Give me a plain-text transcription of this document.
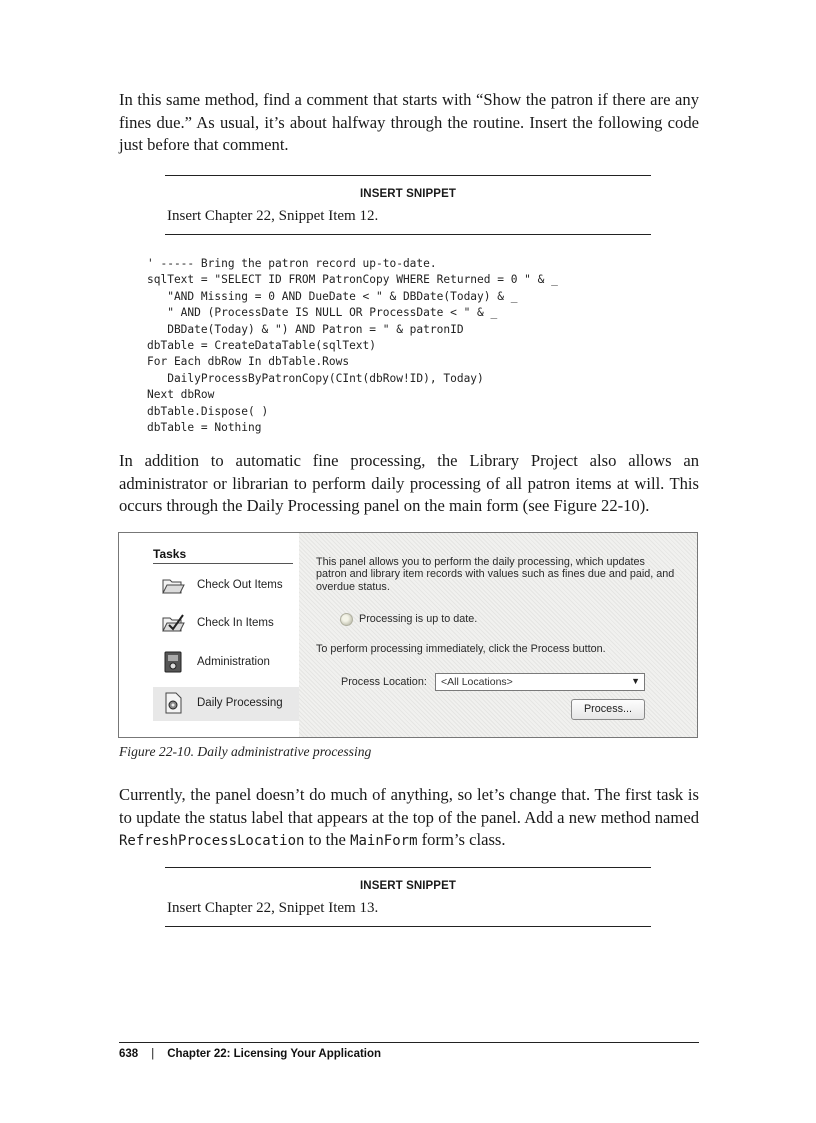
In this same method, find a comment that starts with “Show the patron if there are any fines due.” As usual, it’s about halfway through the routine. Insert the following code just before that comment.

INSERT SNIPPET
Insert Chapter 22, Snippet Item 12.
' ----- Bring the patron record up-to-date.
sqlText = "SELECT ID FROM PatronCopy WHERE Returned = 0 " & _
"AND Missing = 0 AND DueDate < " & DBDate(Today) & _
" AND (ProcessDate IS NULL OR ProcessDate < " & _
DBDate(Today) & ") AND Patron = " & patronID
dbTable = CreateDataTable(sqlText)
For Each dbRow In dbTable.Rows
DailyProcessByPatronCopy(CInt(dbRow!ID), Today)
Next dbRow
dbTable.Dispose( )
dbTable = Nothing

In addition to automatic fine processing, the Library Project also allows an administrator or librarian to perform daily processing of all patron items at will. This occurs through the Daily Processing panel on the main form (see Figure 22-10).

Tasks
Check Out Items
Check In Items
Administration
Daily Processing
This panel allows you to perform the daily processing, which updates patron and library item records with values such as fines due and paid, and overdue status.
Processing is up to date.
To perform processing immediately, click the Process button.
Process Location: <All Locations>	▼
Process...
Figure 22-10. Daily administrative processing

Currently, the panel doesn’t do much of anything, so let’s change that. The first task is to update the status label that appears at the top of the panel. Add a new method named RefreshProcessLocation to the MainForm form’s class.

INSERT SNIPPET
Insert Chapter 22, Snippet Item 13.
638 | Chapter 22: Licensing Your Application
